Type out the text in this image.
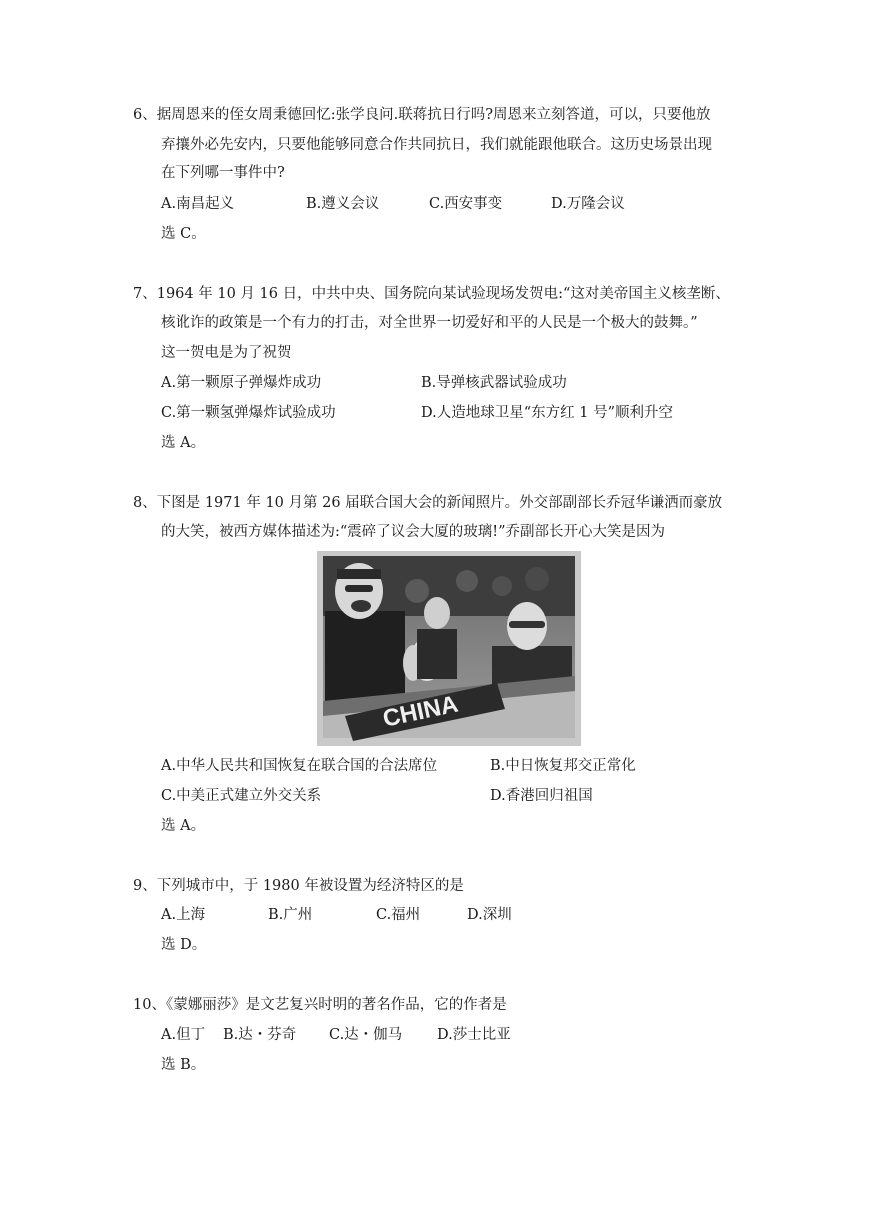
6、据周恩来的侄女周秉德回忆:张学良问.联蒋抗日行吗?周恩来立刻答道，可以，只要他放
弃攘外必先安内，只要他能够同意合作共同抗日，我们就能跟他联合。这历史场景出现
在下列哪一事件中?
A.南昌起义	B.遵义会议	C.西安事变	D.万隆会议
选 C。
7、1964 年 10 月 16 日，中共中央、国务院向某试验现场发贺电:“这对美帝国主义核垄断、
核讹诈的政策是一个有力的打击，对全世界一切爱好和平的人民是一个极大的鼓舞。”
这一贺电是为了祝贺
A.第一颗原子弹爆炸成功	B.导弹核武器试验成功
C.第一颗氢弹爆炸试验成功	D.人造地球卫星“东方红 1 号”顺利升空
选 A。
8、下图是 1971 年 10 月第 26 届联合国大会的新闻照片。外交部副部长乔冠华谦洒而豪放
的大笑，被西方媒体描述为:“震碎了议会大厦的玻璃!”乔副部长开心大笑是因为
CHINA
A.中华人民共和国恢复在联合国的合法席位	B.中日恢复邦交正常化
C.中美正式建立外交关系	D.香港回归祖国
选 A。
9、下列城市中，于 1980 年被设置为经济特区的是
A.上海	B.广州	C.福州	D.深圳
选 D。
10、《蒙娜丽莎》是文艺复兴时明的著名作品，它的作者是
A.但丁 B.达・芬奇 C.达・伽马 D.莎士比亚
选 B。
